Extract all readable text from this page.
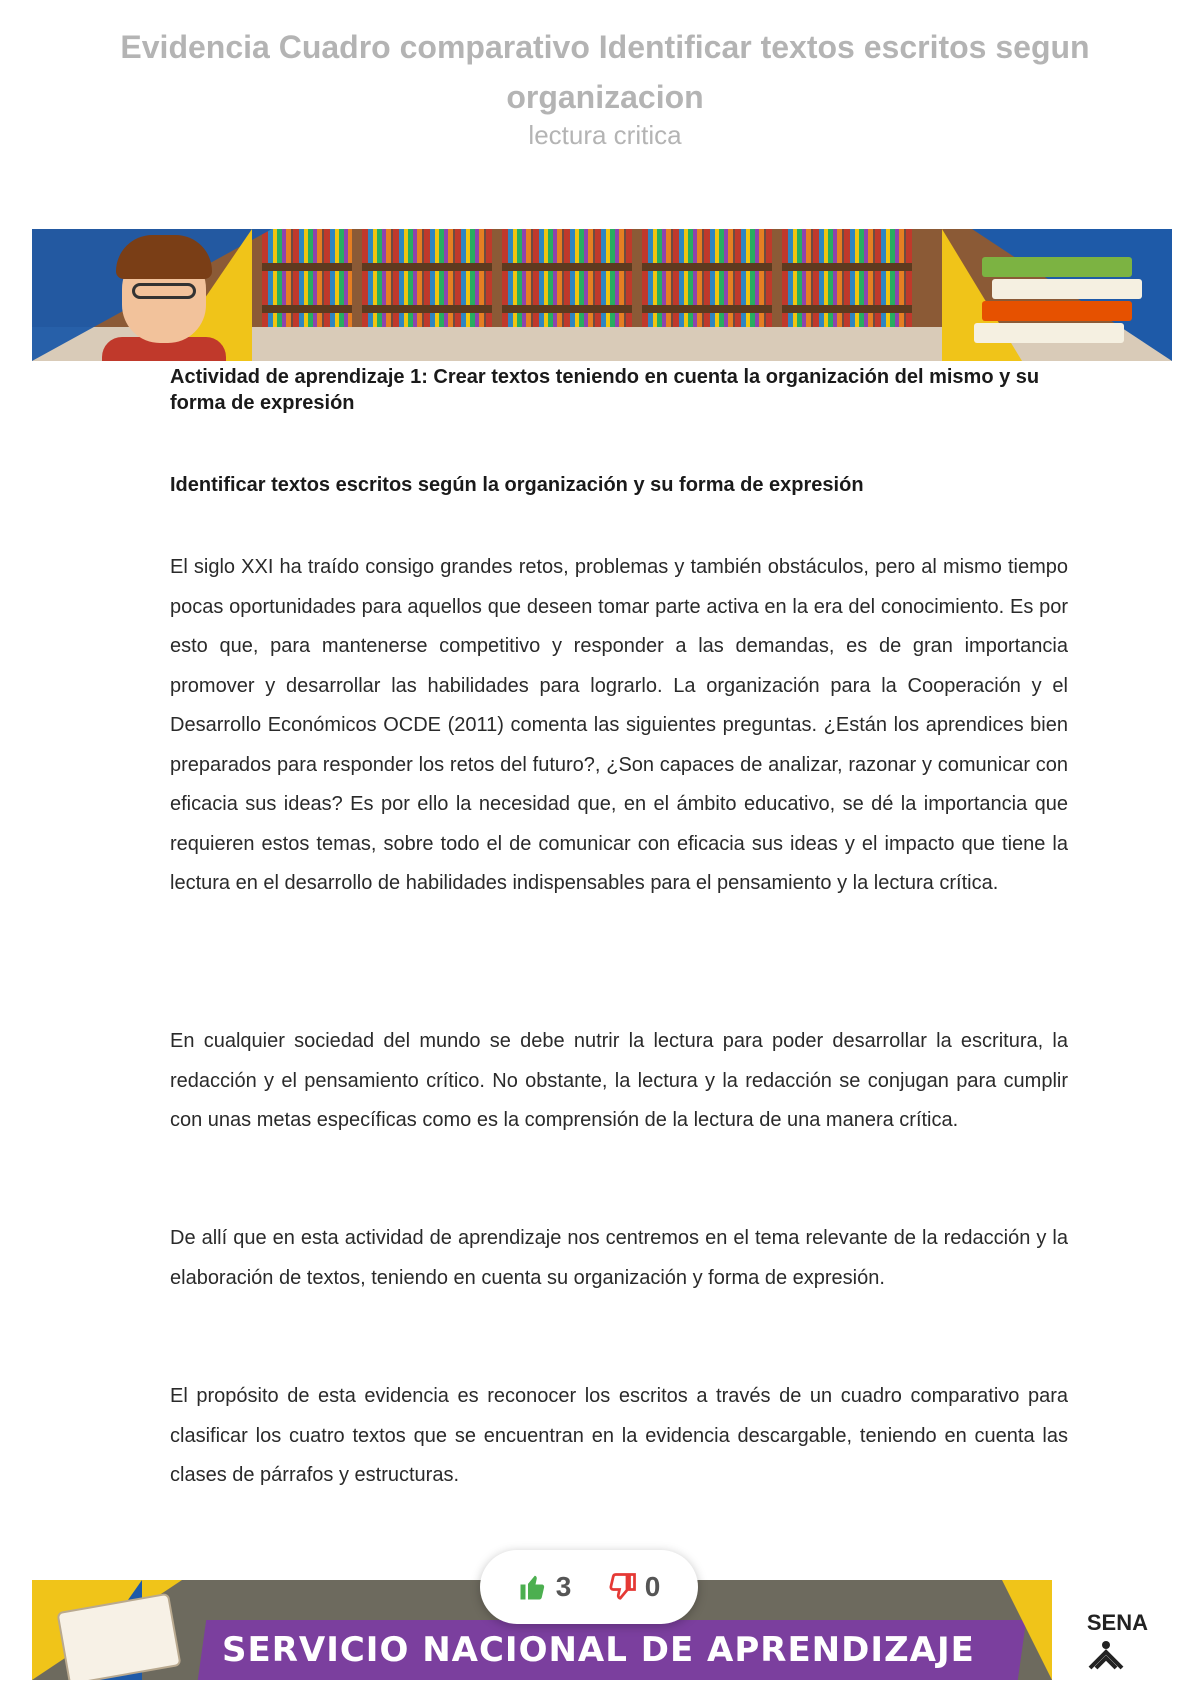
Evidencia Cuadro comparativo Identificar textos escritos segun organizacion
lectura critica

Actividad de aprendizaje 1: Crear textos teniendo en cuenta la organización del mismo y su forma de expresión

Identificar textos escritos según la organización y su forma de expresión

El siglo XXI ha traído consigo grandes retos, problemas y también obstáculos, pero al mismo tiempo pocas oportunidades para aquellos que deseen tomar parte activa en la era del conocimiento. Es por esto que, para mantenerse competitivo y responder a las demandas, es de gran importancia promover y desarrollar las habilidades para lograrlo. La organización para la Cooperación y el Desarrollo Económicos OCDE (2011) comenta las siguientes preguntas. ¿Están los aprendices bien preparados para responder los retos del futuro?, ¿Son capaces de analizar, razonar y comunicar con eficacia sus ideas? Es por ello la necesidad que, en el ámbito educativo, se dé la importancia que requieren estos temas, sobre todo el de comunicar con eficacia sus ideas y el impacto que tiene la lectura en el desarrollo de habilidades indispensables para el pensamiento y la lectura crítica.

En cualquier sociedad del mundo se debe nutrir la lectura para poder desarrollar la escritura, la redacción y el pensamiento crítico. No obstante, la lectura y la redacción se conjugan para cumplir con unas metas específicas como es la comprensión de la lectura de una manera crítica.

De allí que en esta actividad de aprendizaje nos centremos en el tema relevante de la redacción y la elaboración de textos, teniendo en cuenta su organización y forma de expresión.

El propósito de esta evidencia es reconocer los escritos a través de un cuadro comparativo para clasificar los cuatro textos que se encuentran en la evidencia descargable, teniendo en cuenta las clases de párrafos y estructuras.

SERVICIO NACIONAL DE APRENDIZAJE
SENA
3	0
